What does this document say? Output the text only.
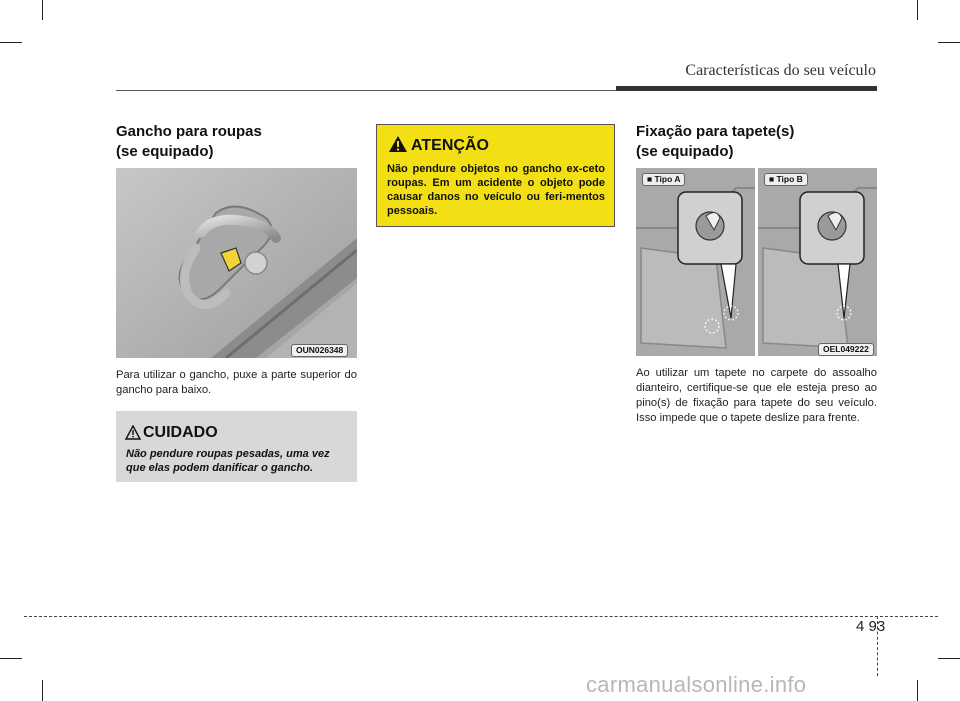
Características do seu veículo
Gancho para roupas
(se equipado)
OUN026348
Para utilizar o gancho, puxe a parte superior do gancho para baixo.
CUIDADO
Não pendure roupas pesadas, uma vez que elas podem danificar o gancho.
ATENÇÃO
Não pendure objetos no gancho ex-ceto roupas. Em um acidente o objeto pode causar danos no veículo ou feri-mentos pessoais.
Fixação para tapete(s)
(se equipado)
■ Tipo A	■ Tipo B
OEL049222
Ao utilizar um tapete no carpete do assoalho dianteiro, certifique-se que ele esteja preso ao pino(s) de fixação para tapete do seu veículo. Isso impede que o tapete deslize para frente.
4 93
carmanualsonline.info
